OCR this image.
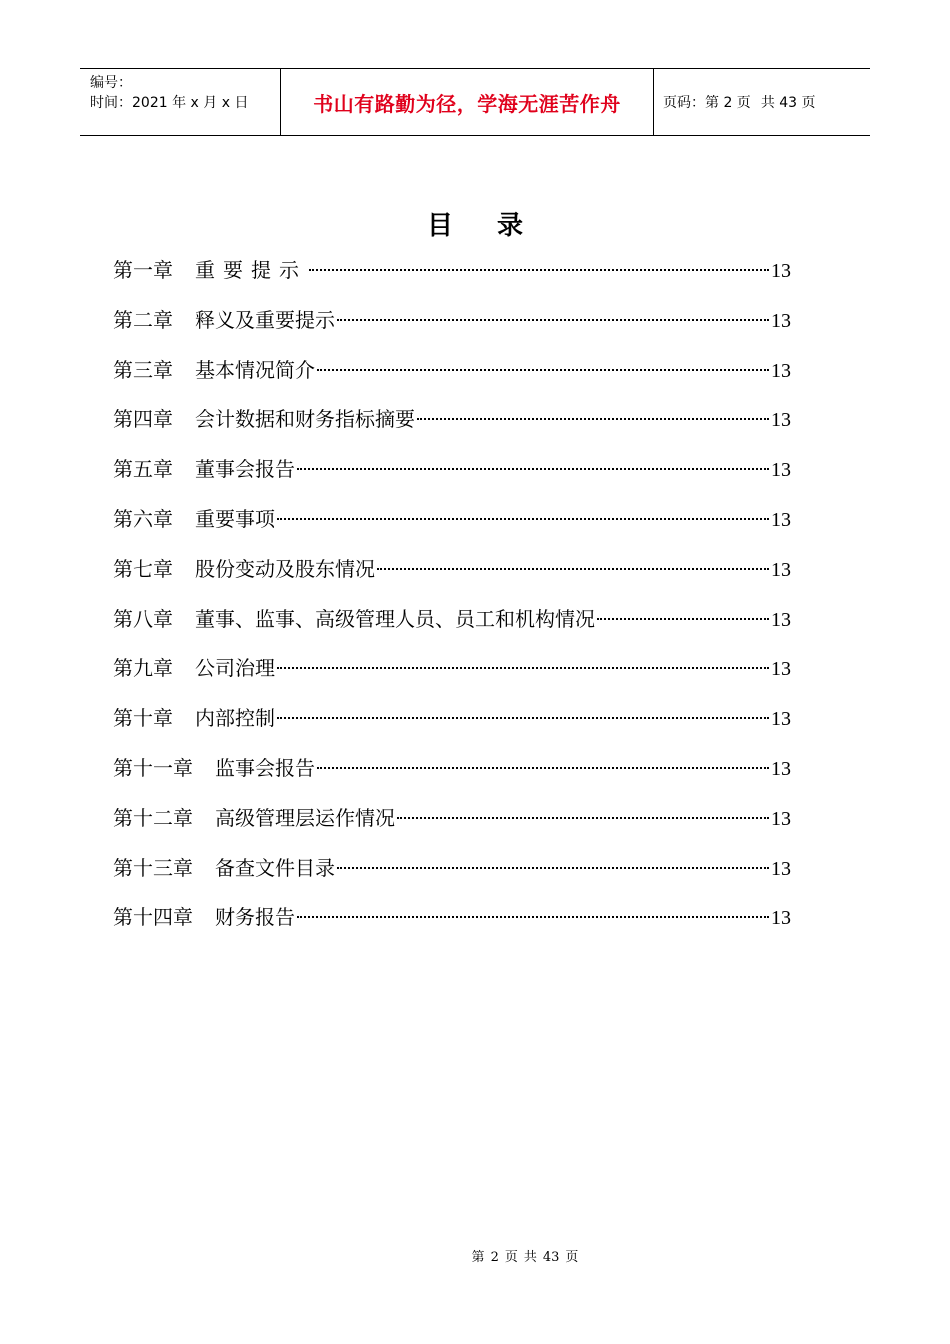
编号：
时间：2021 年 x 月 x 日	书山有路勤为径，学海无涯苦作舟	页码：第 2 页 共 43 页
目录
第一章 重要提示	13
第二章 释义及重要提示	13
第三章 基本情况简介	13
第四章 会计数据和财务指标摘要	13
第五章 董事会报告	13
第六章 重要事项	13
第七章 股份变动及股东情况	13
第八章 董事、监事、高级管理人员、员工和机构情况	13
第九章 公司治理	13
第十章 内部控制	13
第十一章 监事会报告	13
第十二章 高级管理层运作情况	13
第十三章 备查文件目录	13
第十四章 财务报告	13
第 2 页 共 43 页
